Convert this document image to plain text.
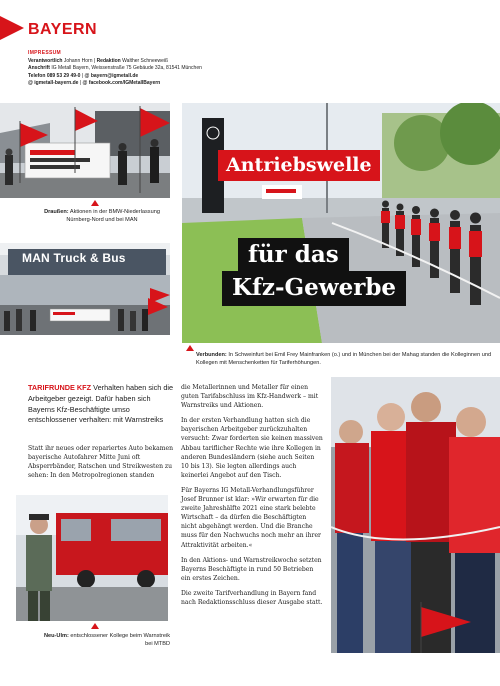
BAYERN
IMPRESSUM
Verantwortlich Johann Horn | Redaktion Walther Schneeweiß
Anschrift IG Metall Bayern, Weissenstraße 75 Gebäude 32a, 81541 München
Telefon 089 53 29 49-0 | @ bayern@igmetall.de
@ igmetall-bayern.de | @ facebook.com/IGMetallBayern
Draußen: Aktionen in der BMW-Niederlassung Nürnberg-Nord und bei MAN
MAN Truck & Bus
Antriebswelle
für das
Kfz-Gewerbe
Verbunden: In Schweinfurt bei Emil Frey Mainfranken (o.) und in München bei der Mahag standen die Kolleginnen und Kollegen mit Menschenketten für Tariferhöhungen.
TARIFRUNDE KFZ Verhalten haben sich die Arbeitgeber gezeigt. Dafür haben sich Bayerns Kfz-Beschäftigte umso entschlossener verhalten: mit Warnstreiks

Statt ihr neues oder repariertes Auto bekamen bayerische Autofahrer Mitte Juni oft Absperrbänder, Ratschen und Streikwesten zu sehen: In den Metropolregionen standen

Neu-Ulm: entschlossener Kollege beim Warnstreik bei MTBD

die Metallerinnen und Metaller für einen guten Tarifabschluss im Kfz-Handwerk – mit Warnstreiks und Aktionen.

In der ersten Verhandlung hatten sich die bayerischen Arbeitgeber zurückzuhalten versucht: Zwar forderten sie keinen massiven Abbau tariflicher Rechte wie ihre Kollegen in anderen Bundesländern (siehe auch Seiten 10 bis 13). Sie legten allerdings auch keinerlei Angebot auf den Tisch.

Für Bayerns IG Metall-Verhandlungsführer Josef Brunner ist klar: »Wir erwarten für die zweite Jahreshälfte 2021 eine stark belebte Wirtschaft – da dürfen die Beschäftigten nicht abgehängt werden. Und die Branche muss für den Nachwuchs noch mehr an ihrer Attraktivität arbeiten.«

In den Aktions- und Warnstreikwoche setzten Bayerns Beschäftigte in rund 50 Betrieben ein erstes Zeichen.

Die zweite Tarifverhandlung in Bayern fand nach Redaktionsschluss dieser Ausgabe statt.
